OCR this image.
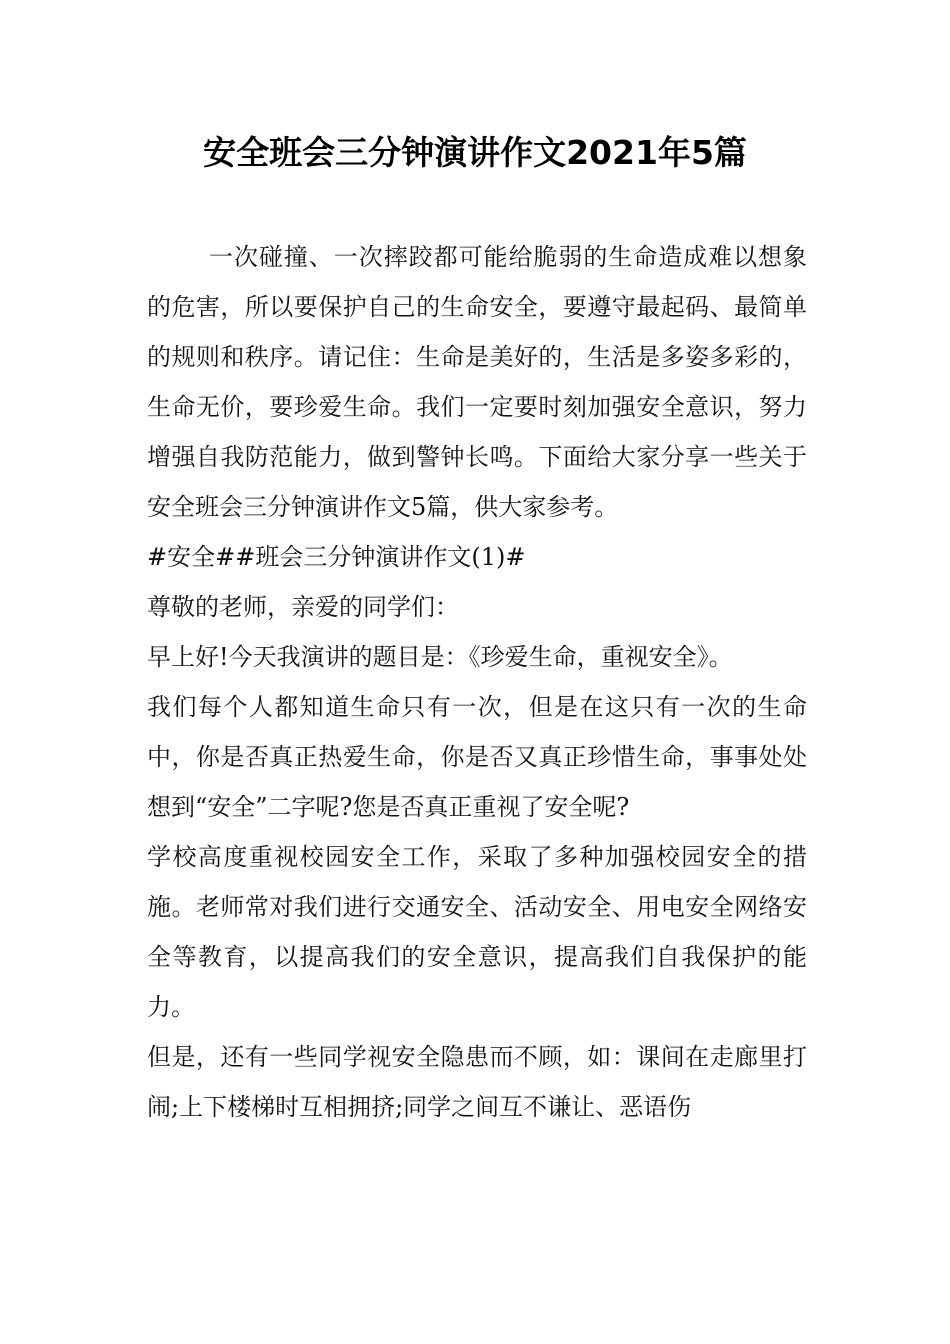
安全班会三分钟演讲作文2021年5篇

一次碰撞、一次摔跤都可能给脆弱的生命造成难以想象的危害，所以要保护自己的生命安全，要遵守最起码、最简单的规则和秩序。请记住：生命是美好的，生活是多姿多彩的，生命无价，要珍爱生命。我们一定要时刻加强安全意识，努力增强自我防范能力，做到警钟长鸣。下面给大家分享一些关于安全班会三分钟演讲作文5篇，供大家参考。

#安全##班会三分钟演讲作文(1)#

尊敬的老师，亲爱的同学们：

早上好!今天我演讲的题目是：《珍爱生命，重视安全》。

我们每个人都知道生命只有一次，但是在这只有一次的生命中，你是否真正热爱生命，你是否又真正珍惜生命，事事处处想到“安全”二字呢?您是否真正重视了安全呢?

学校高度重视校园安全工作，采取了多种加强校园安全的措施。老师常对我们进行交通安全、活动安全、用电安全网络安全等教育，以提高我们的安全意识，提高我们自我保护的能力。

但是，还有一些同学视安全隐患而不顾，如：课间在走廊里打闹;上下楼梯时互相拥挤;同学之间互不谦让、恶语伤
